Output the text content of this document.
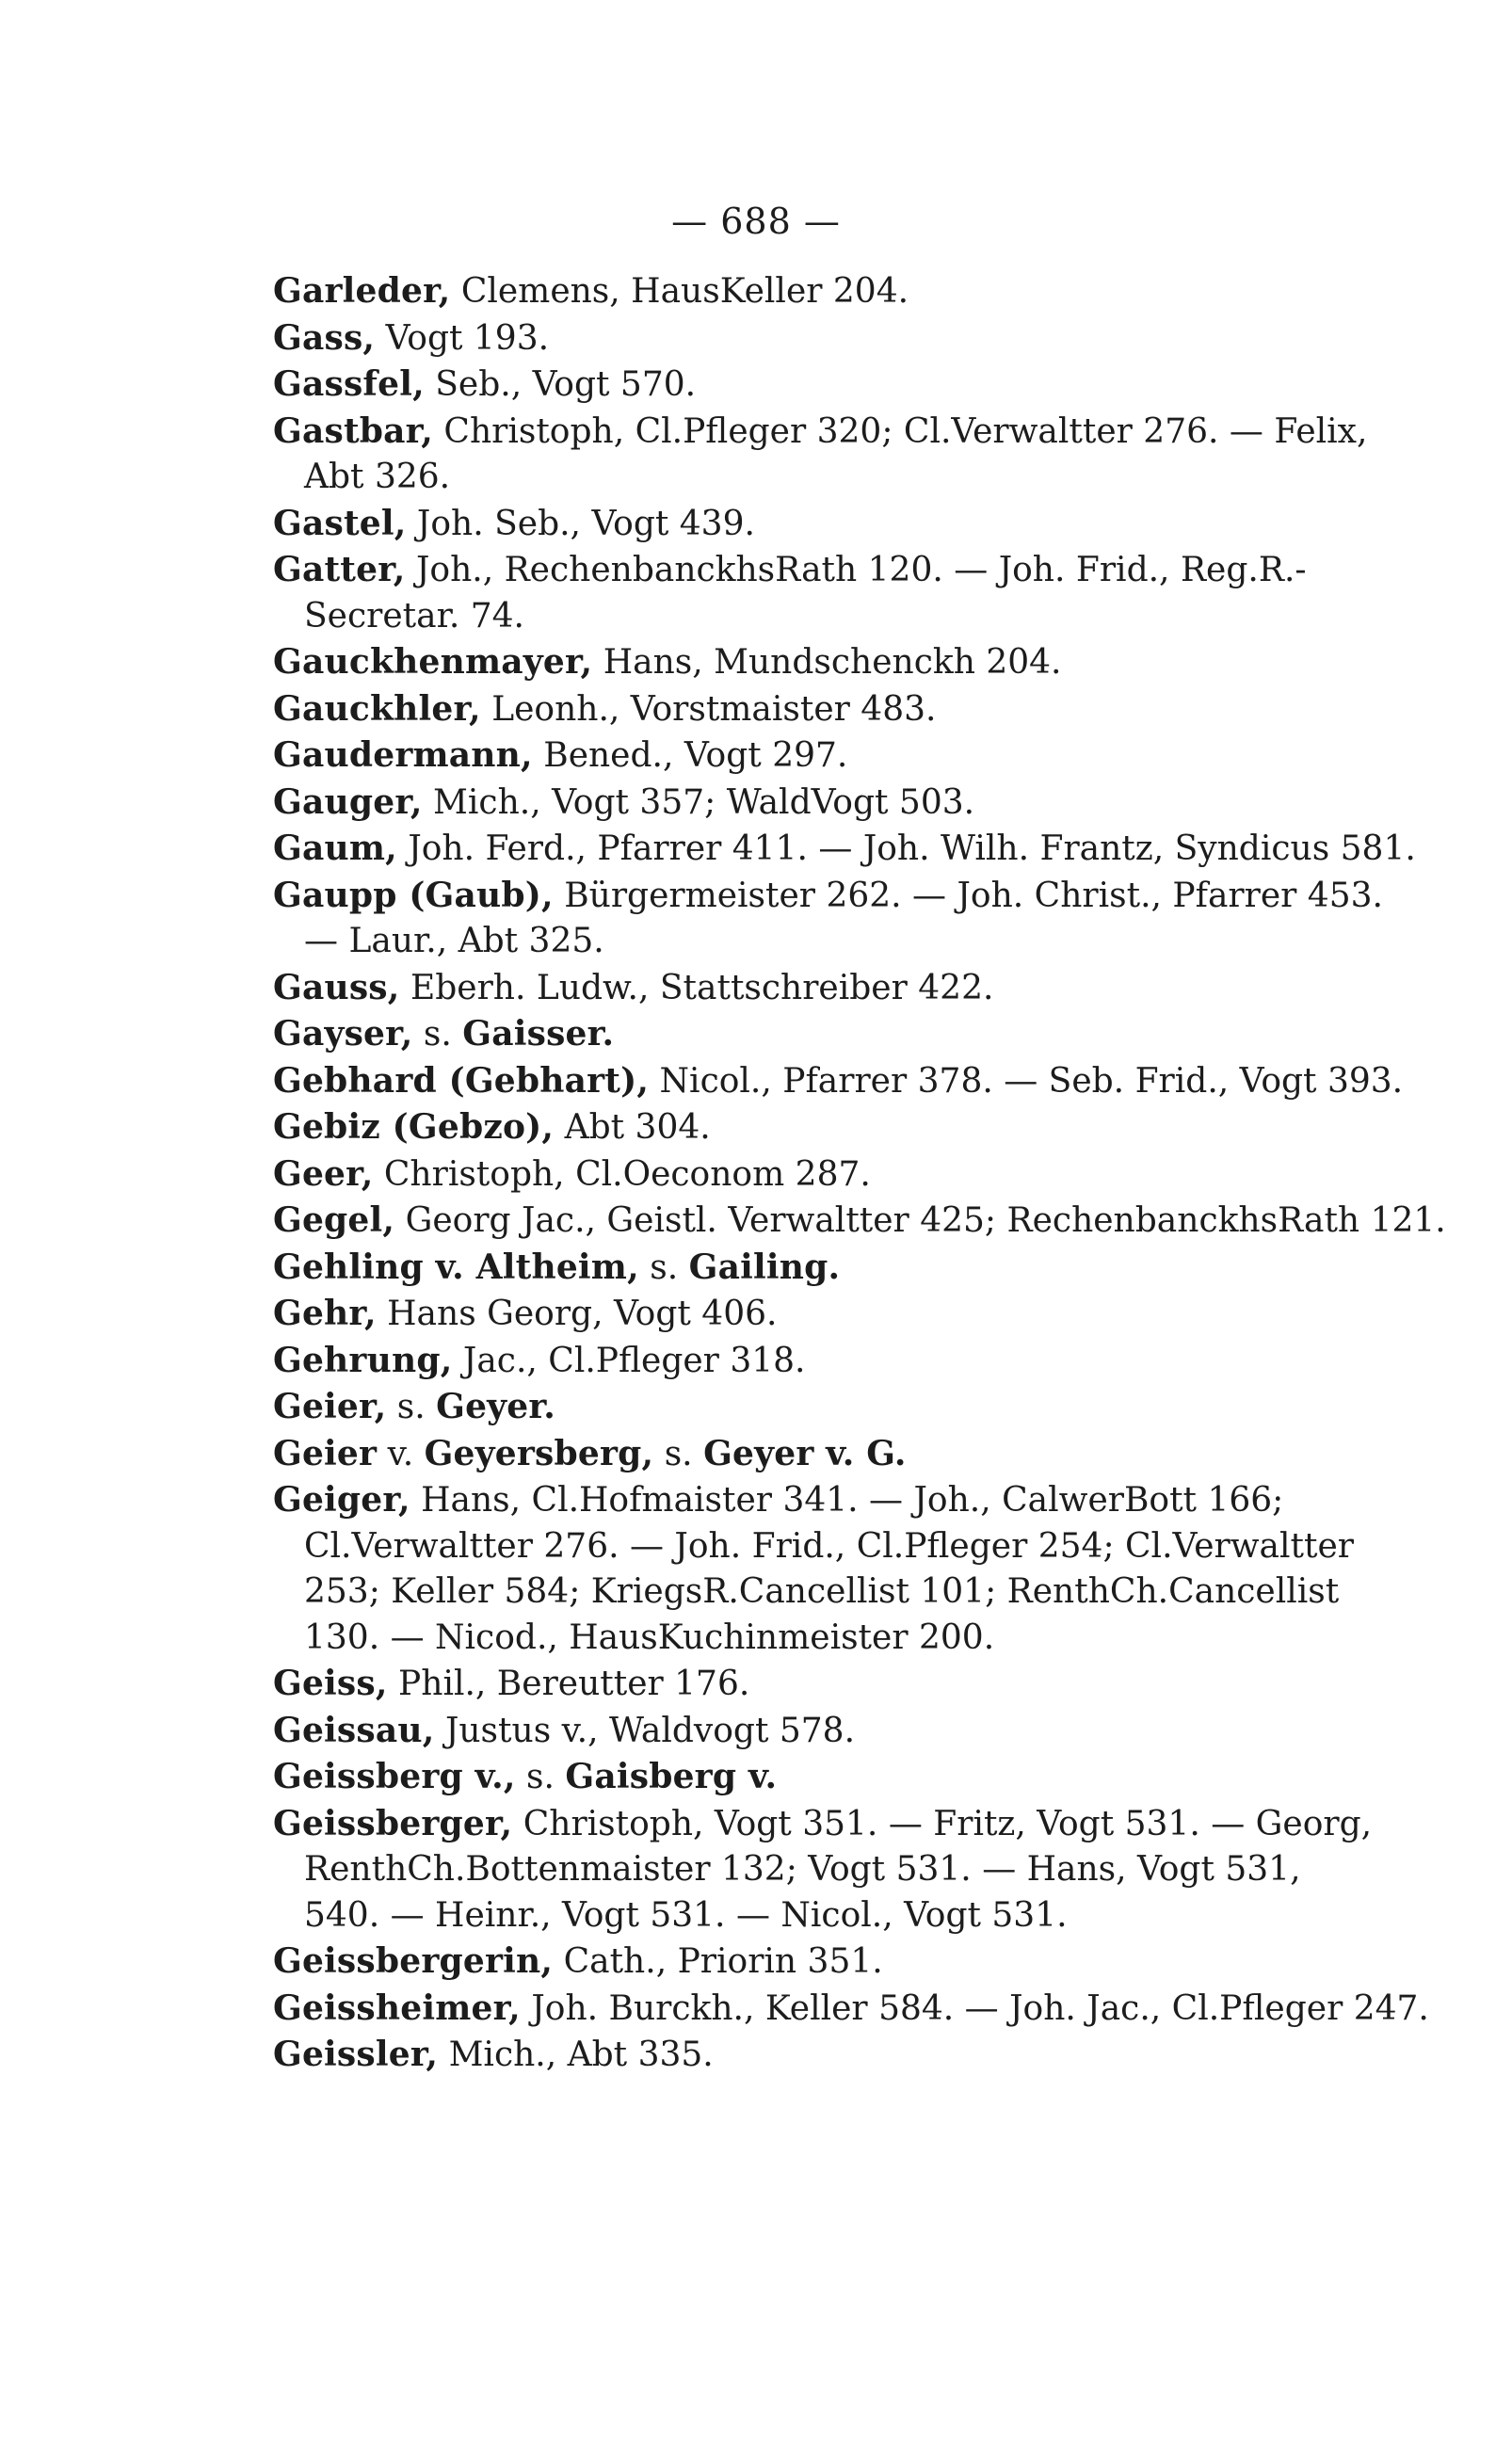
— 688 —
Garleder, Clemens, HausKeller 204.
Gass, Vogt 193.
Gassfel, Seb., Vogt 570.
Gastbar, Christoph, Cl.Pfleger 320; Cl.Verwaltter 276. — Felix,
Abt 326.
Gastel, Joh. Seb., Vogt 439.
Gatter, Joh., RechenbanckhsRath 120. — Joh. Frid., Reg.R.-
Secretar. 74.
Gauckhenmayer, Hans, Mundschenckh 204.
Gauckhler, Leonh., Vorstmaister 483.
Gaudermann, Bened., Vogt 297.
Gauger, Mich., Vogt 357; WaldVogt 503.
Gaum, Joh. Ferd., Pfarrer 411. — Joh. Wilh. Frantz, Syndicus 581.
Gaupp (Gaub), Bürgermeister 262. — Joh. Christ., Pfarrer 453.
— Laur., Abt 325.
Gauss, Eberh. Ludw., Stattschreiber 422.
Gayser, s. Gaisser.
Gebhard (Gebhart), Nicol., Pfarrer 378. — Seb. Frid., Vogt 393.
Gebiz (Gebzo), Abt 304.
Geer, Christoph, Cl.Oeconom 287.
Gegel, Georg Jac., Geistl. Verwaltter 425; RechenbanckhsRath 121.
Gehling v. Altheim, s. Gailing.
Gehr, Hans Georg, Vogt 406.
Gehrung, Jac., Cl.Pfleger 318.
Geier, s. Geyer.
Geier v. Geyersberg, s. Geyer v. G.
Geiger, Hans, Cl.Hofmaister 341. — Joh., CalwerBott 166;
Cl.Verwaltter 276. — Joh. Frid., Cl.Pfleger 254; Cl.Verwaltter
253; Keller 584; KriegsR.Cancellist 101; RenthCh.Cancellist
130. — Nicod., HausKuchinmeister 200.
Geiss, Phil., Bereutter 176.
Geissau, Justus v., Waldvogt 578.
Geissberg v., s. Gaisberg v.
Geissberger, Christoph, Vogt 351. — Fritz, Vogt 531. — Georg,
RenthCh.Bottenmaister 132; Vogt 531. — Hans, Vogt 531,
540. — Heinr., Vogt 531. — Nicol., Vogt 531.
Geissbergerin, Cath., Priorin 351.
Geissheimer, Joh. Burckh., Keller 584. — Joh. Jac., Cl.Pfleger 247.
Geissler, Mich., Abt 335.
